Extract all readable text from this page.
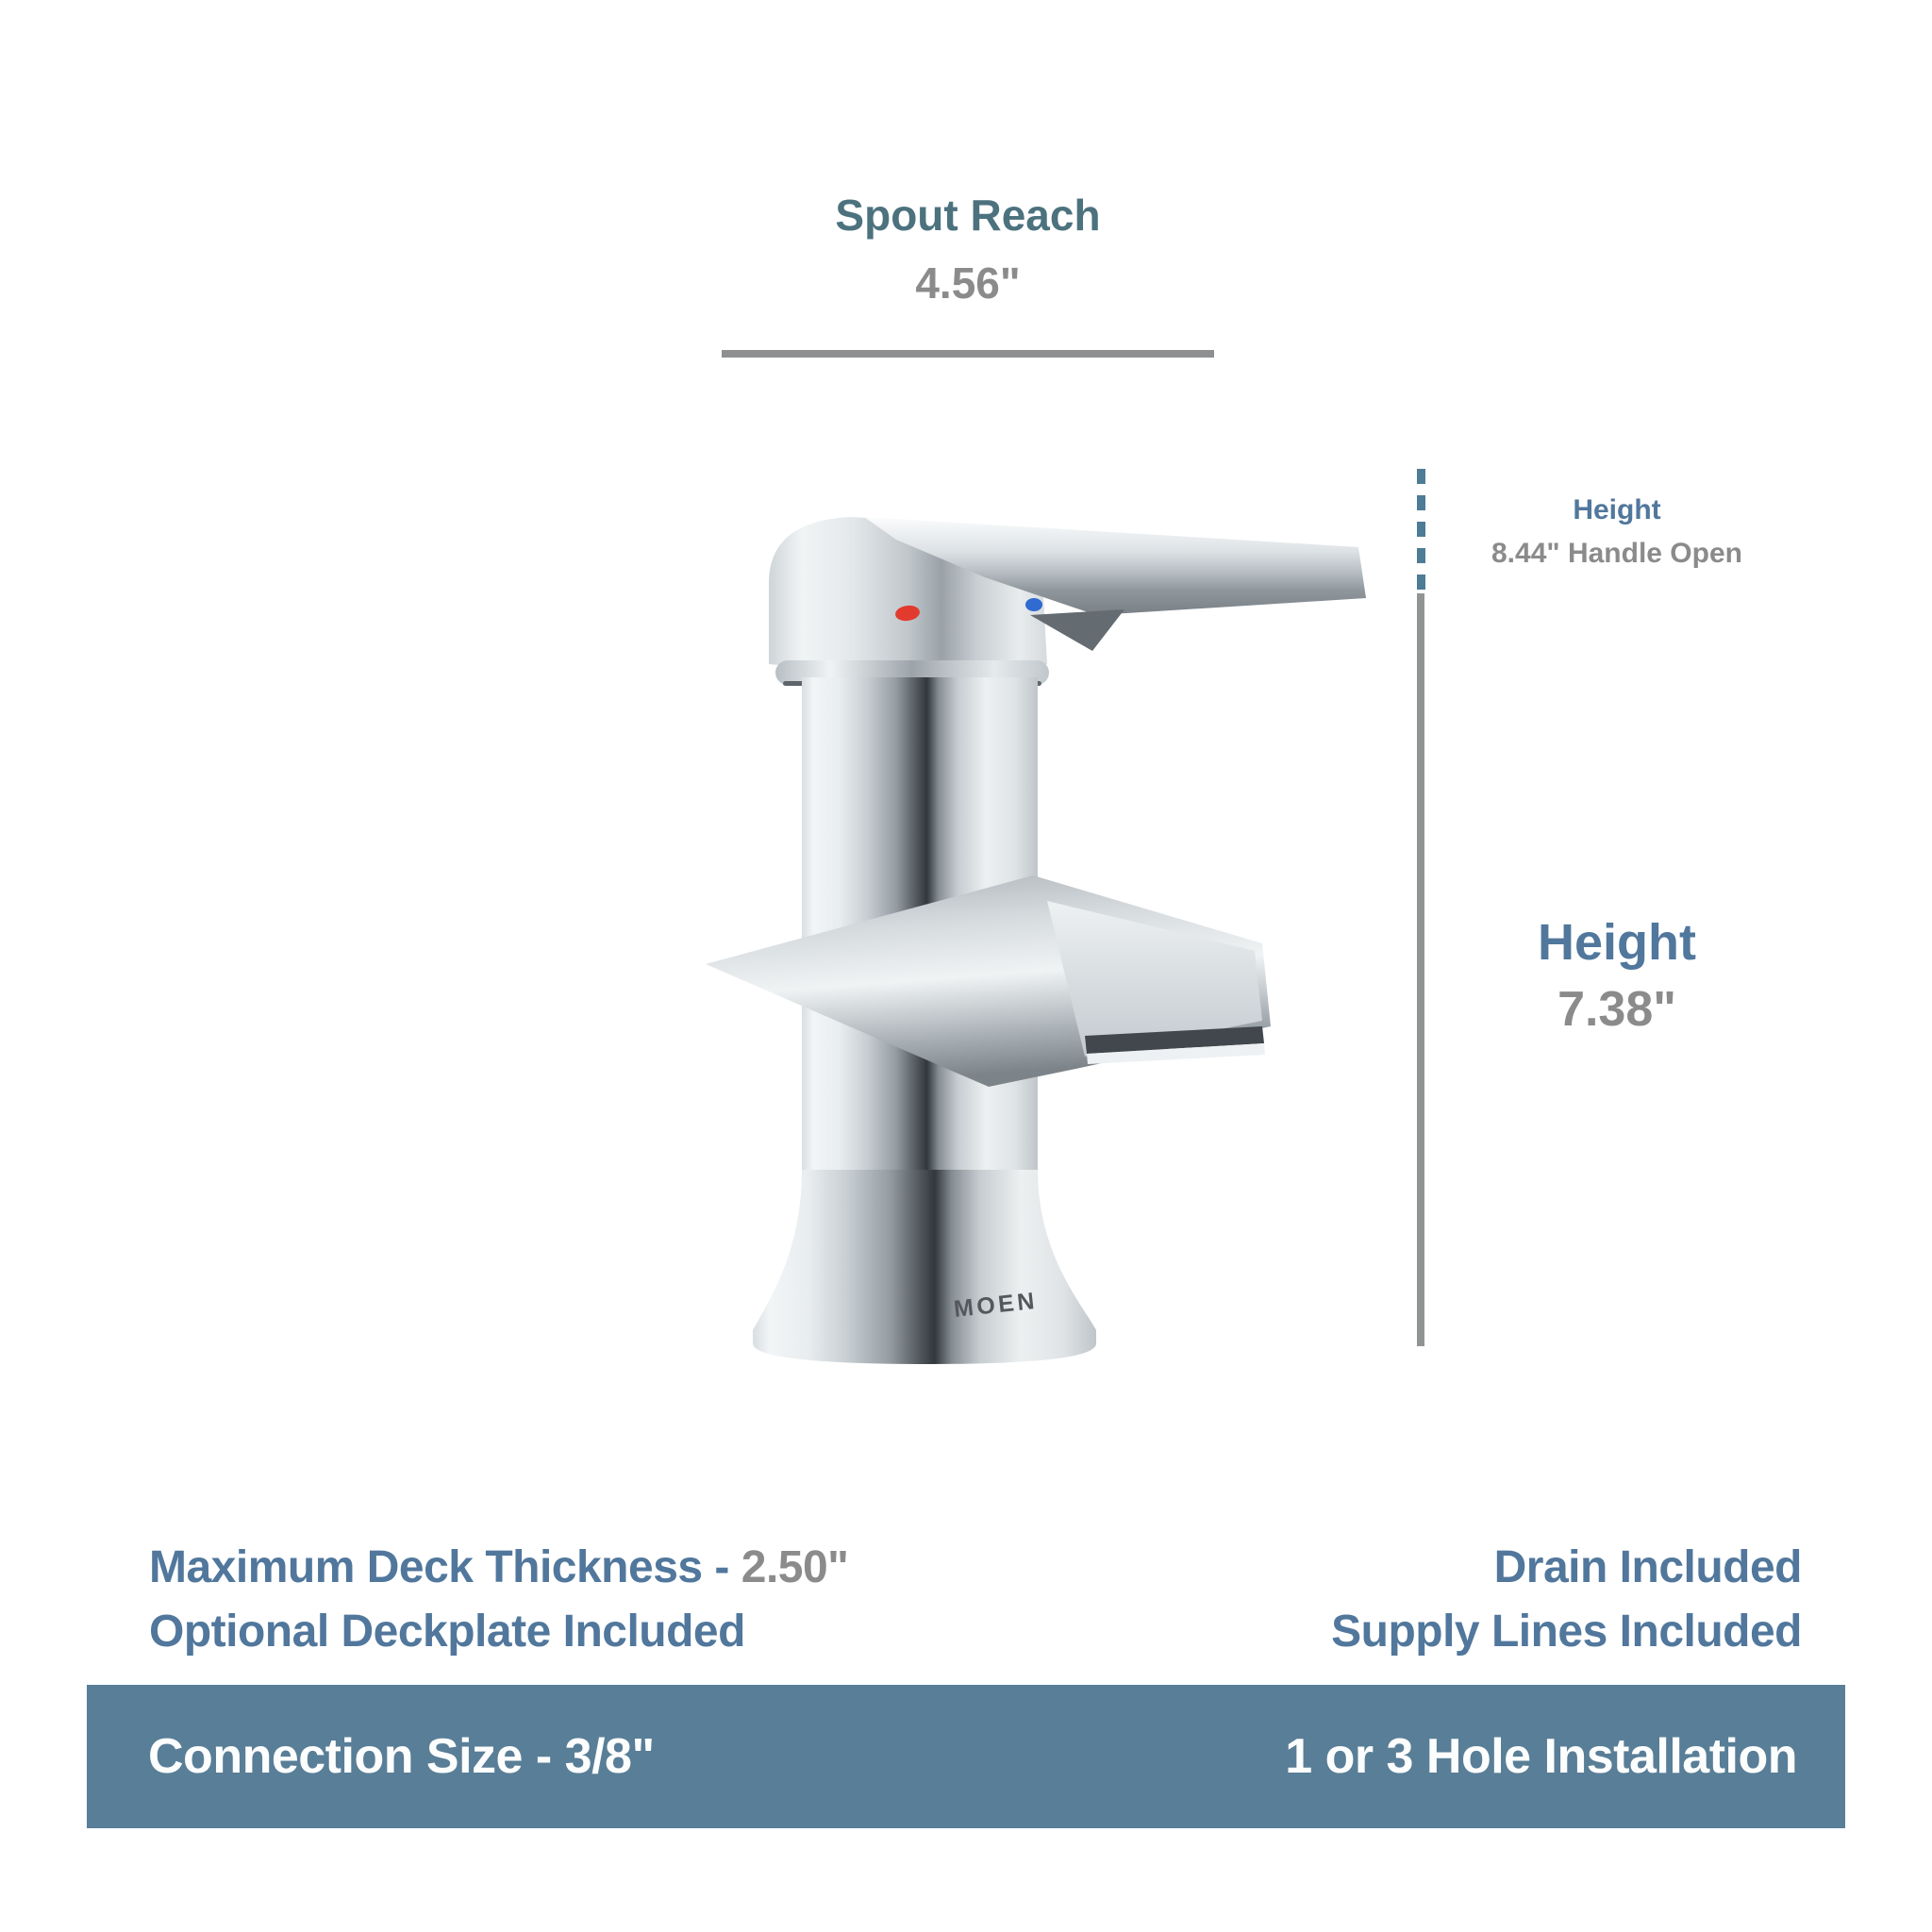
Spout Reach
4.56"
MOEN
Height
8.44" Handle Open
Height
7.38"
Maximum Deck Thickness - 2.50"
Optional Deckplate Included
Drain Included
Supply Lines Included
Connection Size - 3/8"	1 or 3 Hole Installation
